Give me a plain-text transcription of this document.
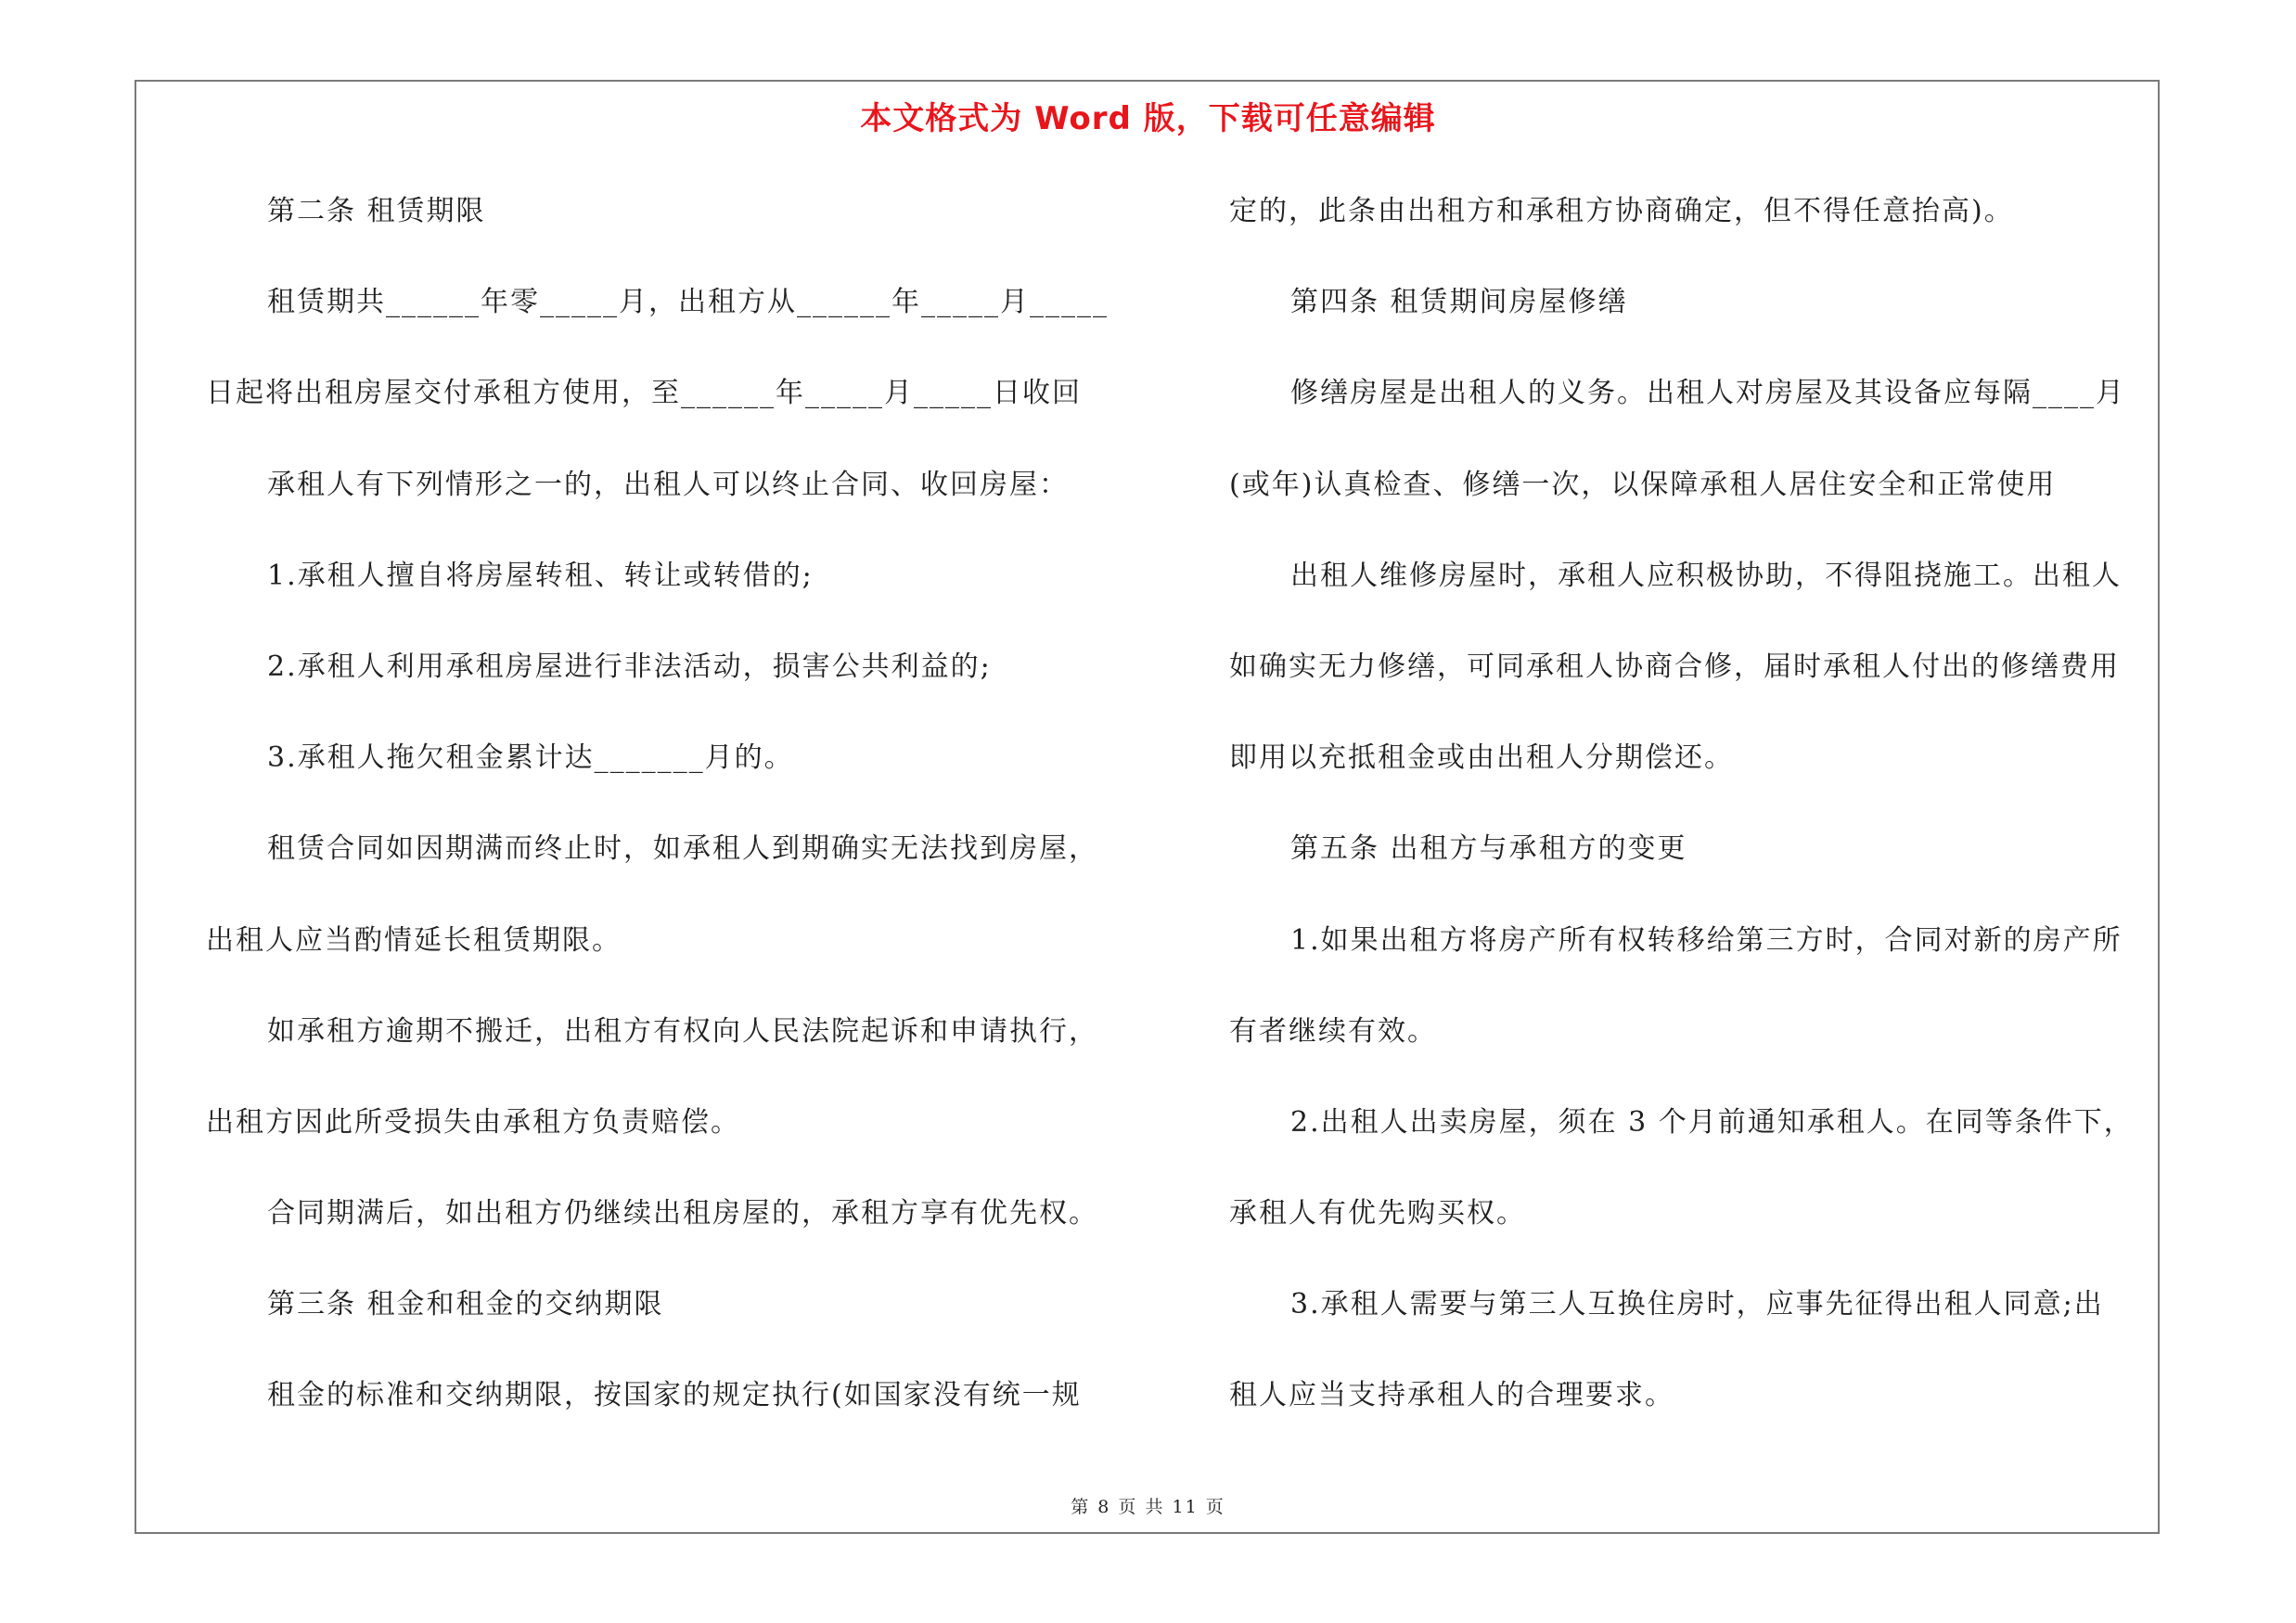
本文格式为 Word 版，下载可任意编辑
第二条 租赁期限
租赁期共______年零_____月，出租方从______年_____月_____
日起将出租房屋交付承租方使用，至______年_____月_____日收回
承租人有下列情形之一的，出租人可以终止合同、收回房屋：
1.承租人擅自将房屋转租、转让或转借的;
2.承租人利用承租房屋进行非法活动，损害公共利益的;
3.承租人拖欠租金累计达_______月的。
租赁合同如因期满而终止时，如承租人到期确实无法找到房屋，
出租人应当酌情延长租赁期限。
如承租方逾期不搬迁，出租方有权向人民法院起诉和申请执行，
出租方因此所受损失由承租方负责赔偿。
合同期满后，如出租方仍继续出租房屋的，承租方享有优先权。
第三条 租金和租金的交纳期限
租金的标准和交纳期限，按国家的规定执行(如国家没有统一规
定的，此条由出租方和承租方协商确定，但不得任意抬高)。
第四条 租赁期间房屋修缮
修缮房屋是出租人的义务。出租人对房屋及其设备应每隔____月
(或年)认真检查、修缮一次，以保障承租人居住安全和正常使用
出租人维修房屋时，承租人应积极协助，不得阻挠施工。出租人
如确实无力修缮，可同承租人协商合修，届时承租人付出的修缮费用
即用以充抵租金或由出租人分期偿还。
第五条 出租方与承租方的变更
1.如果出租方将房产所有权转移给第三方时，合同对新的房产所
有者继续有效。
2.出租人出卖房屋，须在 3 个月前通知承租人。在同等条件下，
承租人有优先购买权。
3.承租人需要与第三人互换住房时，应事先征得出租人同意;出
租人应当支持承租人的合理要求。
第 8 页 共 11 页
